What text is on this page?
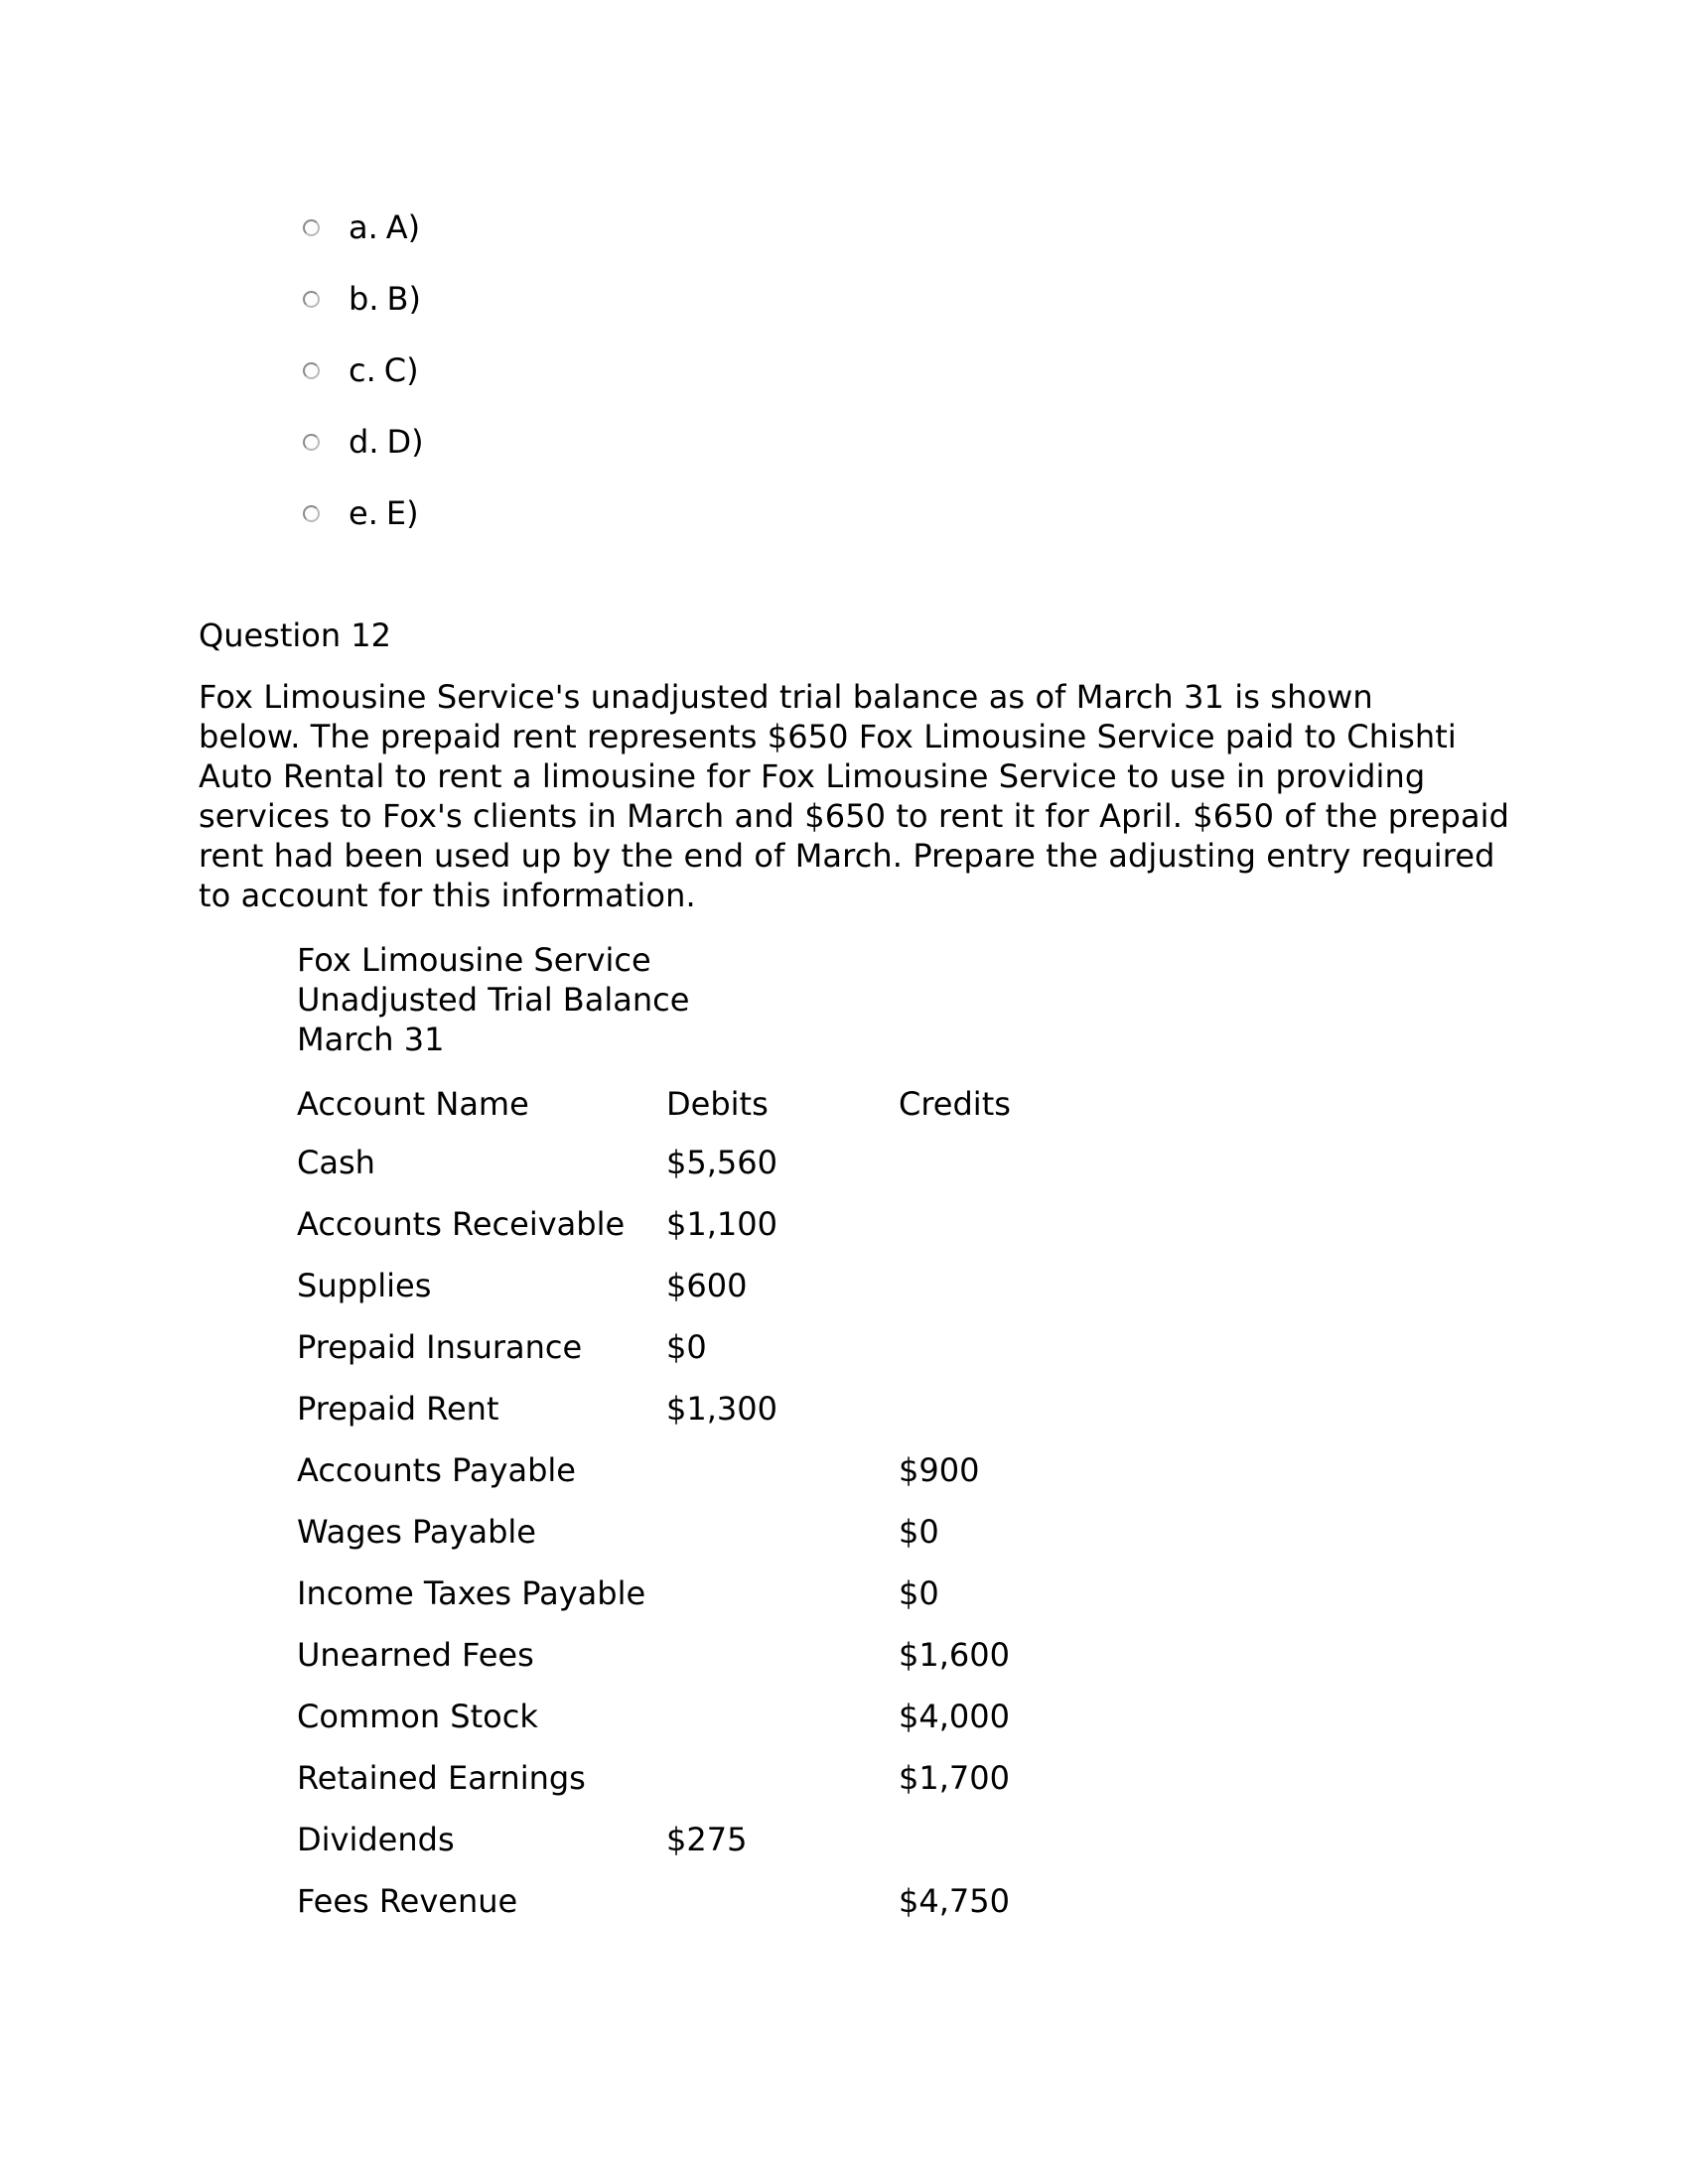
a. A)
b. B)
c. C)
d. D)
e. E)
Question 12
Fox Limousine Service's unadjusted trial balance as of March 31 is shown
below. The prepaid rent represents $650 Fox Limousine Service paid to Chishti
Auto Rental to rent a limousine for Fox Limousine Service to use in providing
services to Fox's clients in March and $650 to rent it for April. $650 of the prepaid
rent had been used up by the end of March. Prepare the adjusting entry required
to account for this information.
Fox Limousine Service
Unadjusted Trial Balance
March 31
Account Name	Debits	Credits
Cash	$5,560	
Accounts Receivable	$1,100	
Supplies	$600	
Prepaid Insurance	$0	
Prepaid Rent	$1,300	
Accounts Payable		$900
Wages Payable		$0
Income Taxes Payable		$0
Unearned Fees		$1,600
Common Stock		$4,000
Retained Earnings		$1,700
Dividends	$275	
Fees Revenue		$4,750
